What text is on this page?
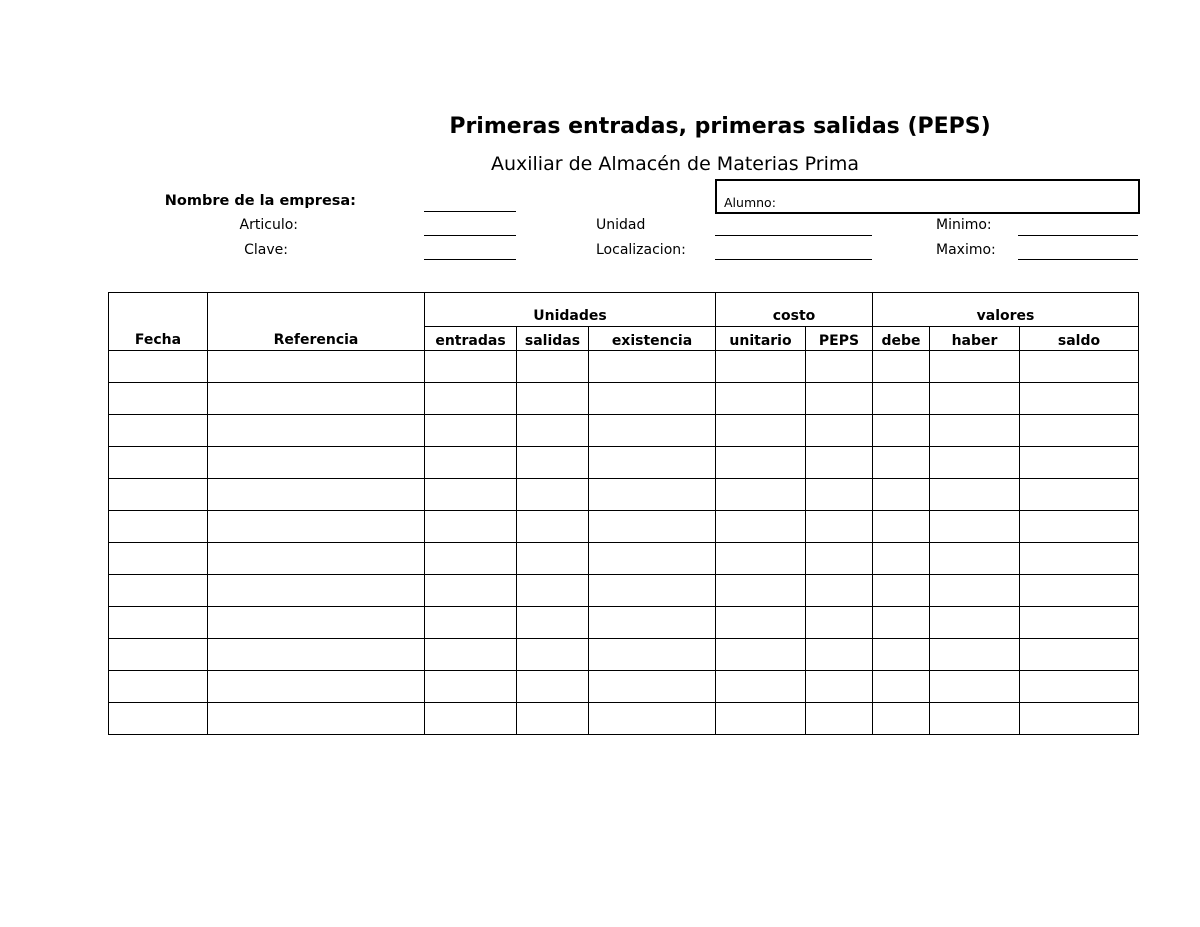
Primeras entradas, primeras salidas (PEPS)
Auxiliar de Almacén de Materias Prima
Nombre de la empresa:
Articulo:
Clave:
Unidad
Localizacion:
Minimo:
Maximo:
Alumno:
Fecha	Referencia	Unidades			costo		valores		
		entradas	salidas	existencia	unitario	PEPS	debe	haber	saldo
